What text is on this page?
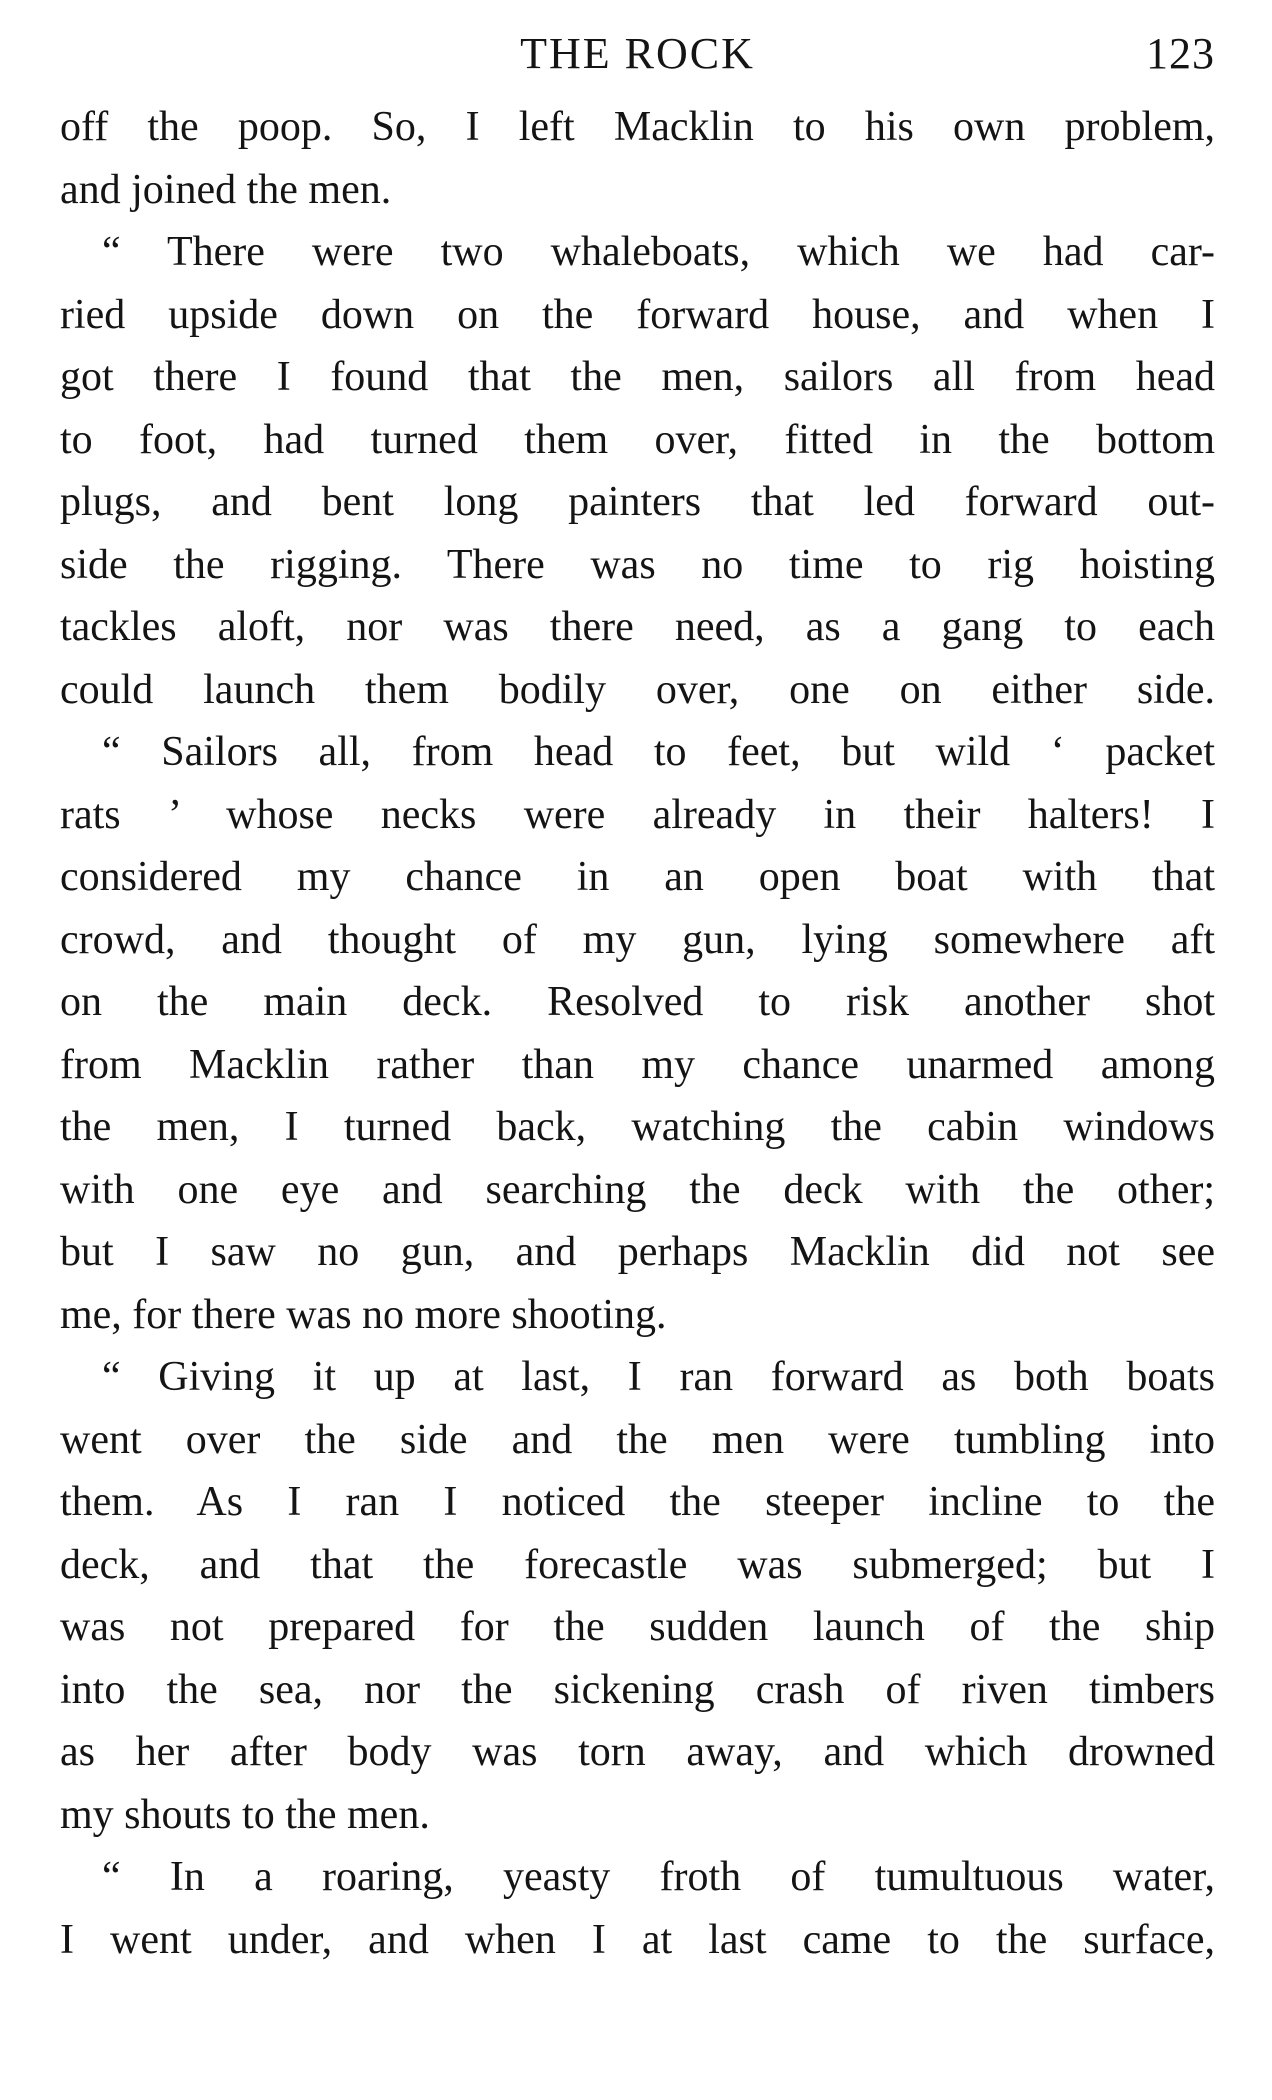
THE ROCK	123
off the poop. So, I left Macklin to his own problem,
and joined the men.
“ There were two whaleboats, which we had car-
ried upside down on the forward house, and when I
got there I found that the men, sailors all from head
to foot, had turned them over, fitted in the bottom
plugs, and bent long painters that led forward out-
side the rigging. There was no time to rig hoisting
tackles aloft, nor was there need, as a gang to each
could launch them bodily over, one on either side.
“ Sailors all, from head to feet, but wild ‘ packet
rats ’ whose necks were already in their halters! I
considered my chance in an open boat with that
crowd, and thought of my gun, lying somewhere aft
on the main deck. Resolved to risk another shot
from Macklin rather than my chance unarmed among
the men, I turned back, watching the cabin windows
with one eye and searching the deck with the other;
but I saw no gun, and perhaps Macklin did not see
me, for there was no more shooting.
“ Giving it up at last, I ran forward as both boats
went over the side and the men were tumbling into
them. As I ran I noticed the steeper incline to the
deck, and that the forecastle was submerged; but I
was not prepared for the sudden launch of the ship
into the sea, nor the sickening crash of riven timbers
as her after body was torn away, and which drowned
my shouts to the men.
“ In a roaring, yeasty froth of tumultuous water,
I went under, and when I at last came to the surface,
